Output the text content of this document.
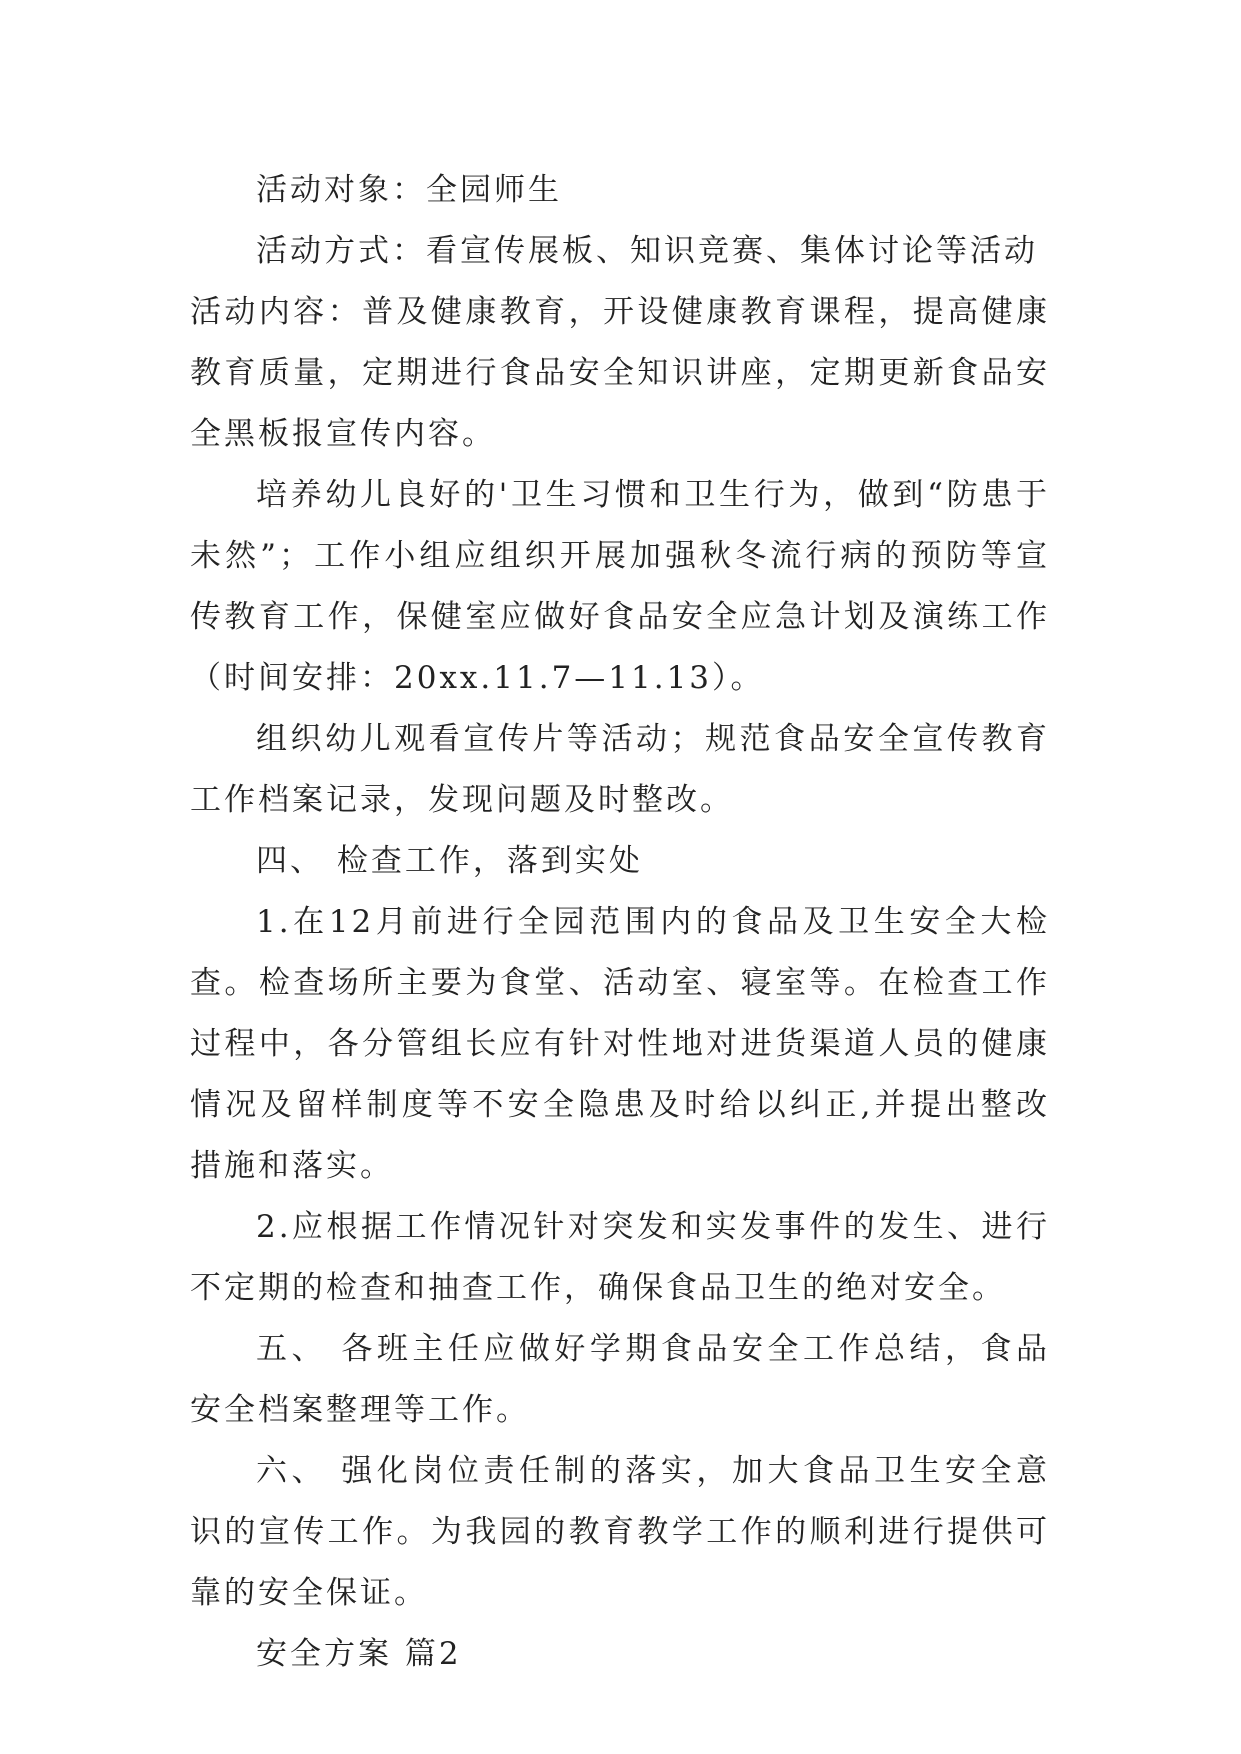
活动对象：全园师生

活动方式：看宣传展板、知识竞赛、集体讨论等活动

活动内容：普及健康教育，开设健康教育课程，提高健康教育质量，定期进行食品安全知识讲座，定期更新食品安全黑板报宣传内容。

培养幼儿良好的'卫生习惯和卫生行为，做到“防患于未然”；工作小组应组织开展加强秋冬流行病的预防等宣传教育工作，保健室应做好食品安全应急计划及演练工作（时间安排：20xx.11.7—11.13）。

组织幼儿观看宣传片等活动；规范食品安全宣传教育工作档案记录，发现问题及时整改。

四、 检查工作，落到实处

1.在12月前进行全园范围内的食品及卫生安全大检查。检查场所主要为食堂、活动室、寝室等。在检查工作过程中，各分管组长应有针对性地对进货渠道人员的健康情况及留样制度等不安全隐患及时给以纠正,并提出整改措施和落实。

2.应根据工作情况针对突发和实发事件的发生、进行不定期的检查和抽查工作，确保食品卫生的绝对安全。

五、 各班主任应做好学期食品安全工作总结，食品安全档案整理等工作。

六、 强化岗位责任制的落实，加大食品卫生安全意识的宣传工作。为我园的教育教学工作的顺利进行提供可靠的安全保证。

安全方案 篇2
